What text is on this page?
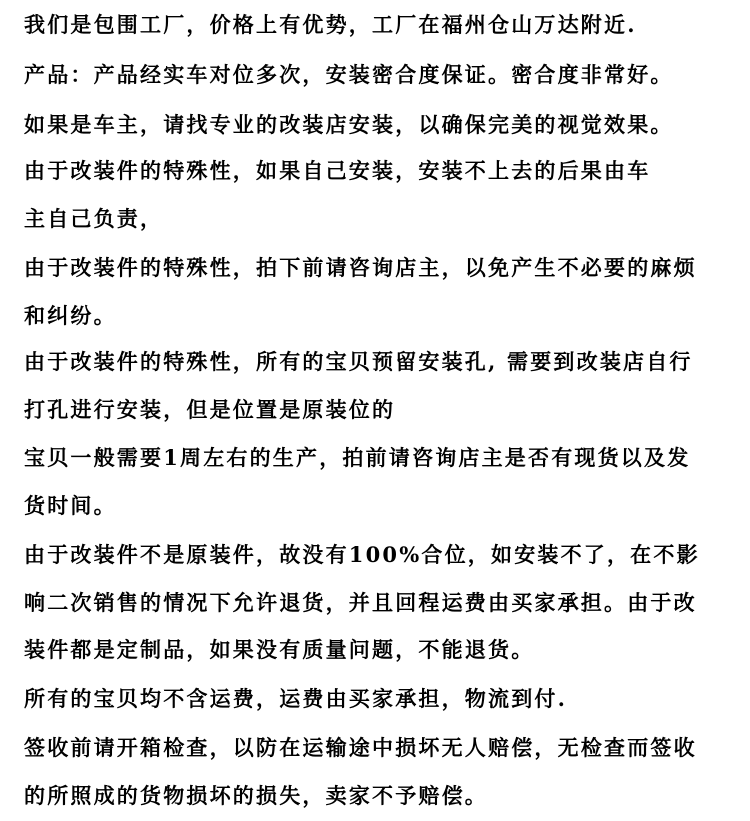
我们是包围工厂，价格上有优势，工厂在福州仓山万达附近.
产品：产品经实车对位多次，安装密合度保证。密合度非常好。
如果是车主，请找专业的改装店安装，以确保完美的视觉效果。
由于改装件的特殊性，如果自己安装，安装不上去的后果由车
主自己负责，
由于改装件的特殊性，拍下前请咨询店主，以免产生不必要的麻烦
和纠纷。
由于改装件的特殊性，所有的宝贝预留安装孔, 需要到改装店自行
打孔进行安装，但是位置是原装位的
宝贝一般需要1周左右的生产，拍前请咨询店主是否有现货以及发
货时间。
由于改装件不是原装件，故没有100%合位，如安装不了，在不影
响二次销售的情况下允许退货，并且回程运费由买家承担。由于改
装件都是定制品，如果没有质量问题，不能退货。
所有的宝贝均不含运费，运费由买家承担，物流到付.
签收前请开箱检查，以防在运输途中损坏无人赔偿，无检查而签收
的所照成的货物损坏的损失，卖家不予赔偿。
